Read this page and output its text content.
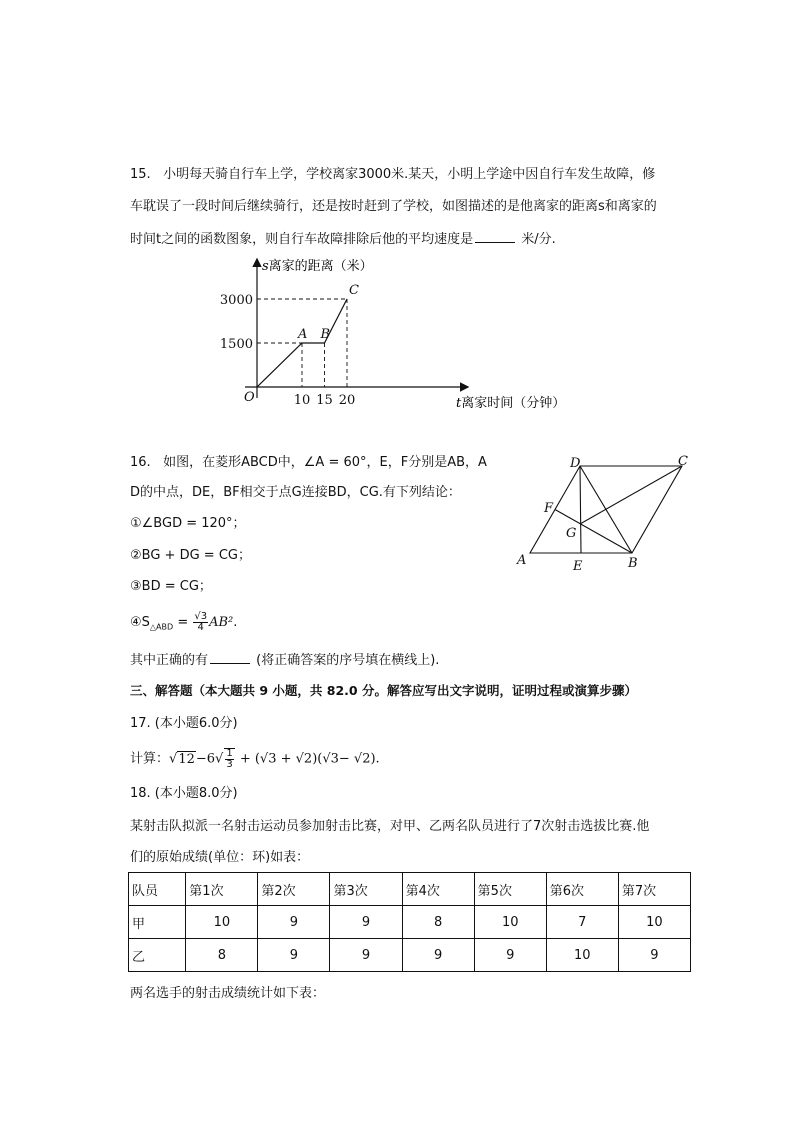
15. 小明每天骑自行车上学，学校离家3000米.某天，小明上学途中因自行车发生故障，修
车耽误了一段时间后继续骑行，还是按时赶到了学校，如图描述的是他离家的距离s和离家的
时间t之间的函数图象，则自行车故障排除后他的平均速度是	米/分.
O
A B
C
10 15 20
1500
3000
s离家的距离（米）
t离家时间（分钟）
16. 如图，在菱形ABCD中，∠A = 60°，E，F分别是AB，A
D的中点，DE，BF相交于点G连接BD，CG.有下列结论：
①∠BGD = 120°；
②BG + DG = CG；
③BD = CG；
$④S_{\triangle ABD} = \frac{√3}{4} AB^2$.
其中正确的有	(将正确答案的序号填在横线上).
A	B
C
D
E
F
G
三、解答题（本大题共 9 小题，共 82.0 分。解答应写出文字说明，证明过程或演算步骤）
17. (本小题6.0分)
计算：$√12-6√ \frac{1}{3} + (√3 + √2)(√3- √2)$.
18. (本小题8.0分)
某射击队拟派一名射击运动员参加射击比赛，对甲、乙两名队员进行了7次射击选拔比赛.他
们的原始成绩(单位：环)如表：
队员	第1次	第2次	第3次	第4次	第5次	第6次	第7次
甲	10	9	9	8	10	7	10
乙	8	9	9	9	9	10	9
两名选手的射击成绩统计如下表：
